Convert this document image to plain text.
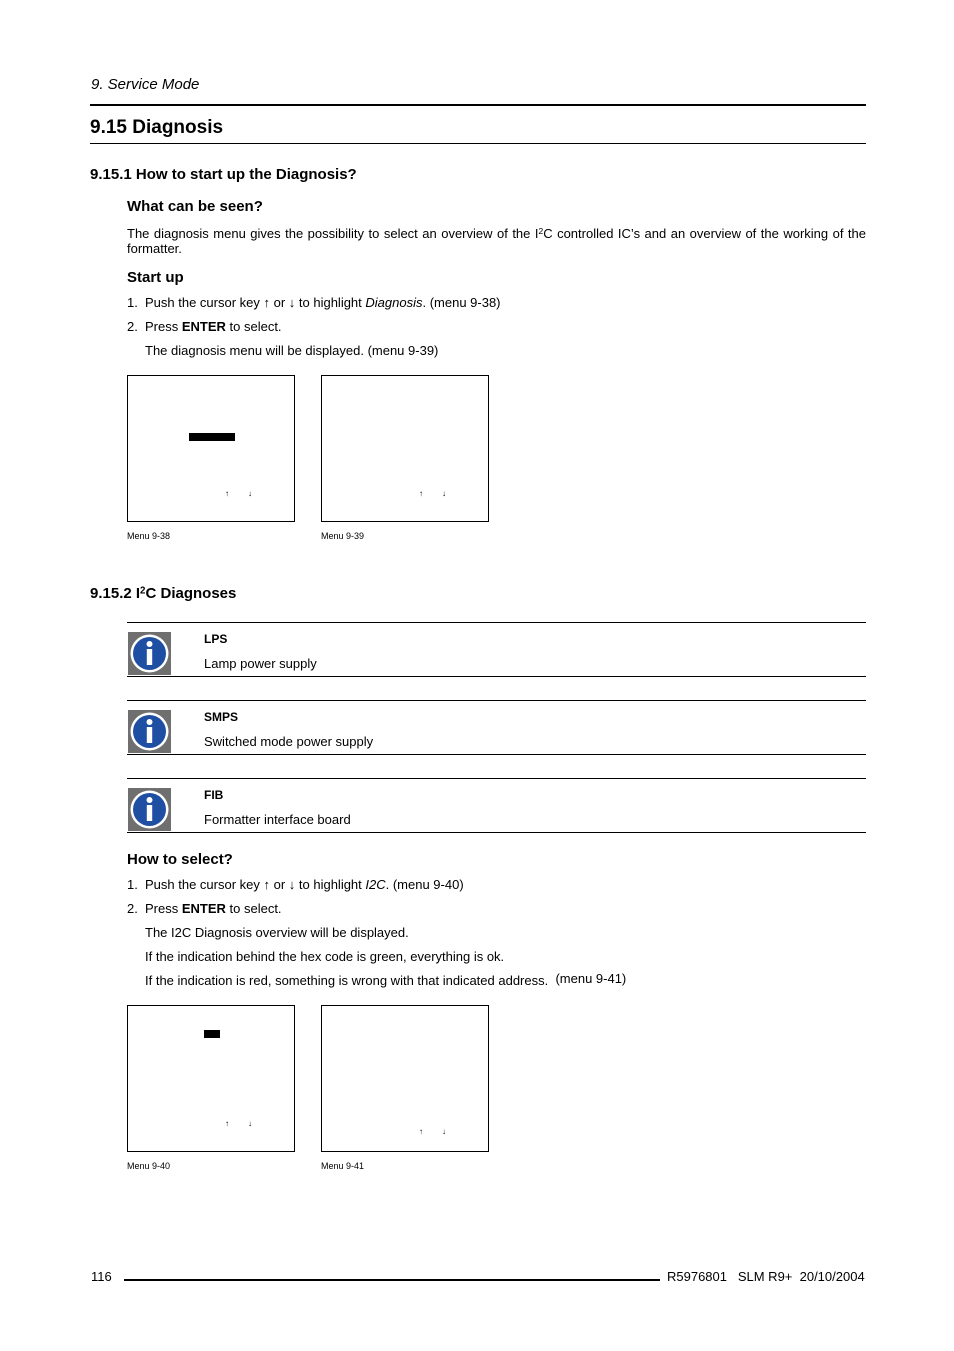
9. Service Mode
9.15 Diagnosis
9.15.1 How to start up the Diagnosis?
What can be seen?
The diagnosis menu gives the possibility to select an overview of the $I^2C$ controlled IC’s and an overview of the working of the formatter.
Start up
1. Push the cursor key ↑ or ↓ to highlight Diagnosis. (menu 9-38)
2. Press ENTER to select.
The diagnosis menu will be displayed. (menu 9-39)
↑ ↓
Menu 9-38
↑ ↓
Menu 9-39
9.15.2 $I^2C$ Diagnoses
LPS
Lamp power supply
SMPS
Switched mode power supply
FIB
Formatter interface board
How to select?
1. Push the cursor key ↑ or ↓ to highlight I2C. (menu 9-40)
2. Press ENTER to select.
The I2C Diagnosis overview will be displayed.
If the indication behind the hex code is green, everything is ok.
If the indication is red, something is wrong with that indicated address. (menu 9-41)
↑ ↓
Menu 9-40
↑ ↓
Menu 9-41
116	R5976801   SLM R9+  20/10/2004
